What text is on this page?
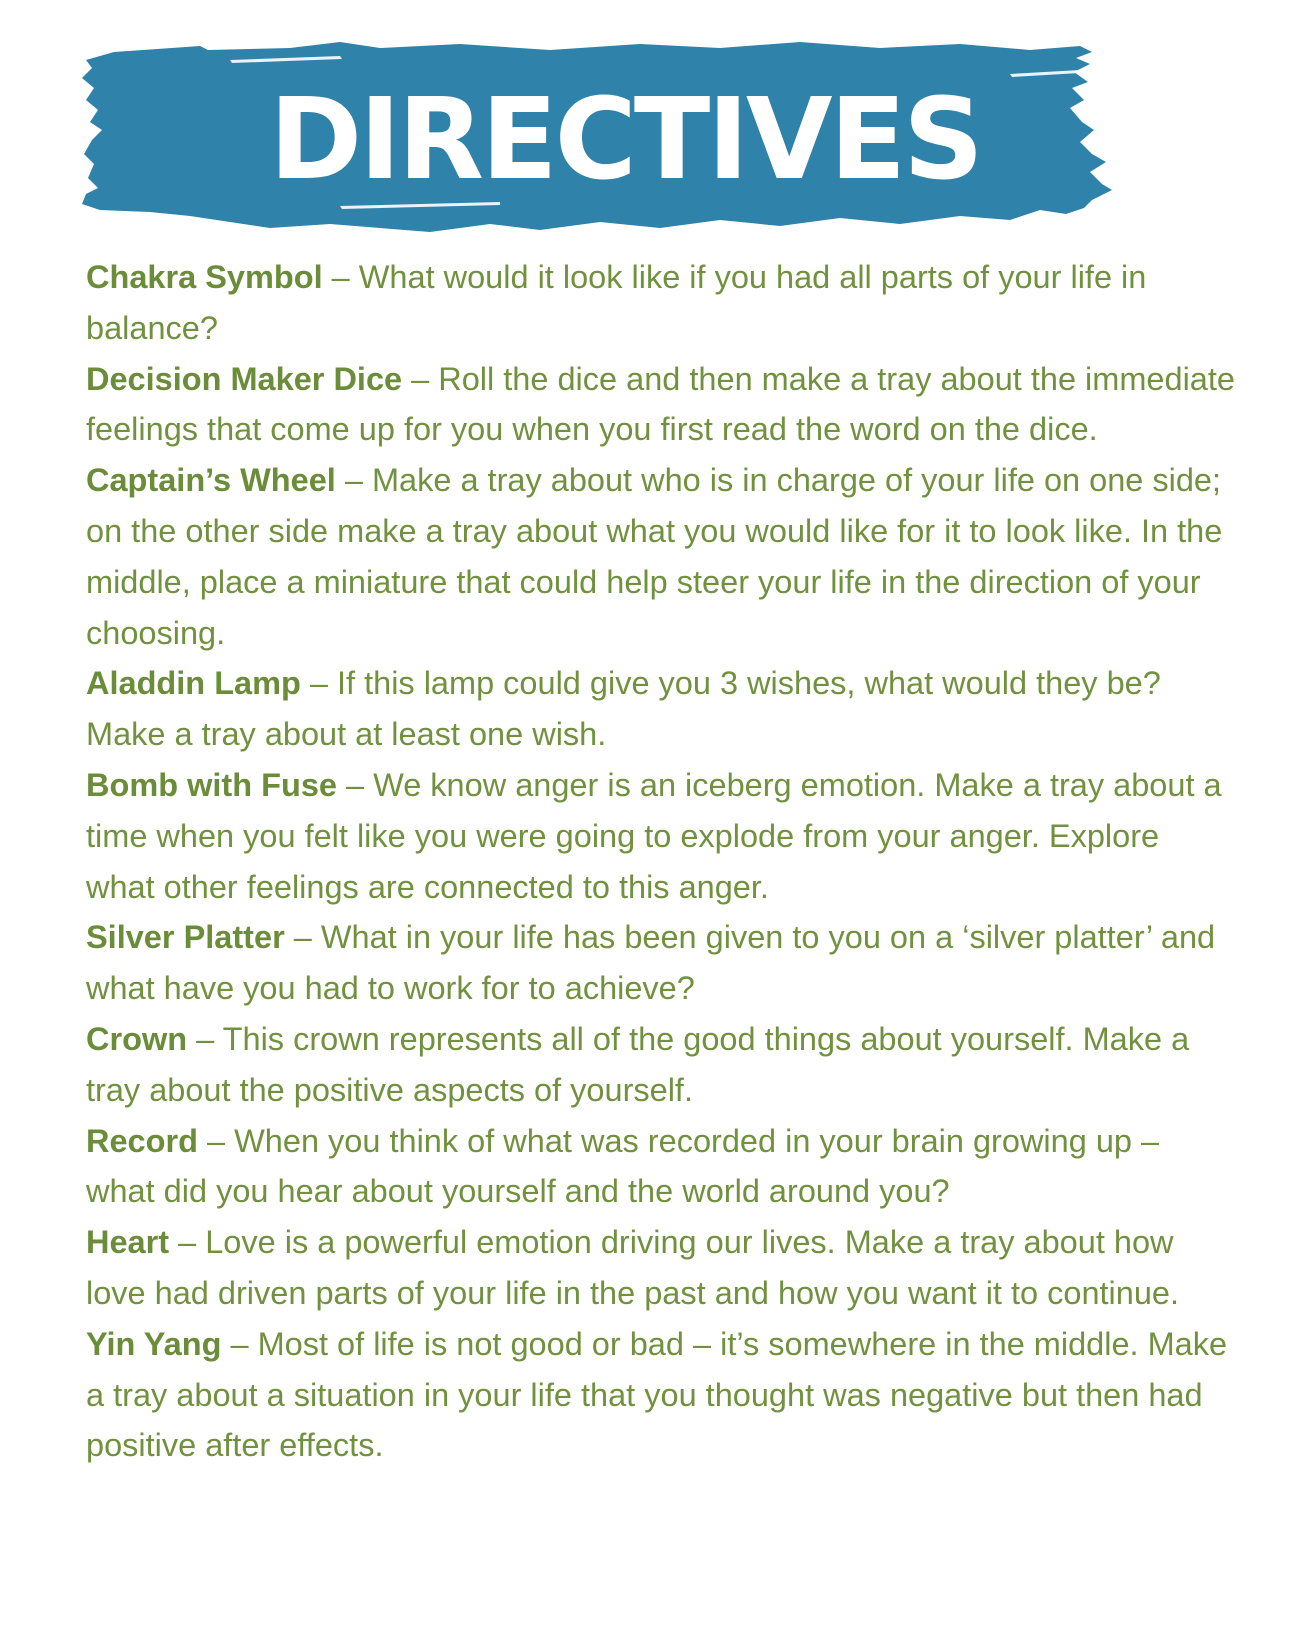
DIRECTIVES
Chakra Symbol – What would it look like if you had all parts of your life in balance?
Decision Maker Dice – Roll the dice and then make a tray about the immediate feelings that come up for you when you first read the word on the dice.
Captain’s Wheel – Make a tray about who is in charge of your life on one side; on the other side make a tray about what you would like for it to look like. In the middle, place a miniature that could help steer your life in the direction of your choosing.
Aladdin Lamp – If this lamp could give you 3 wishes, what would they be? Make a tray about at least one wish.
Bomb with Fuse – We know anger is an iceberg emotion. Make a tray about a time when you felt like you were going to explode from your anger. Explore what other feelings are connected to this anger.
Silver Platter – What in your life has been given to you on a ‘silver platter’ and what have you had to work for to achieve?
Crown – This crown represents all of the good things about yourself. Make a tray about the positive aspects of yourself.
Record – When you think of what was recorded in your brain growing up – what did you hear about yourself and the world around you?
Heart – Love is a powerful emotion driving our lives. Make a tray about how love had driven parts of your life in the past and how you want it to continue.
Yin Yang – Most of life is not good or bad – it’s somewhere in the middle. Make a tray about a situation in your life that you thought was negative but then had positive after effects.
